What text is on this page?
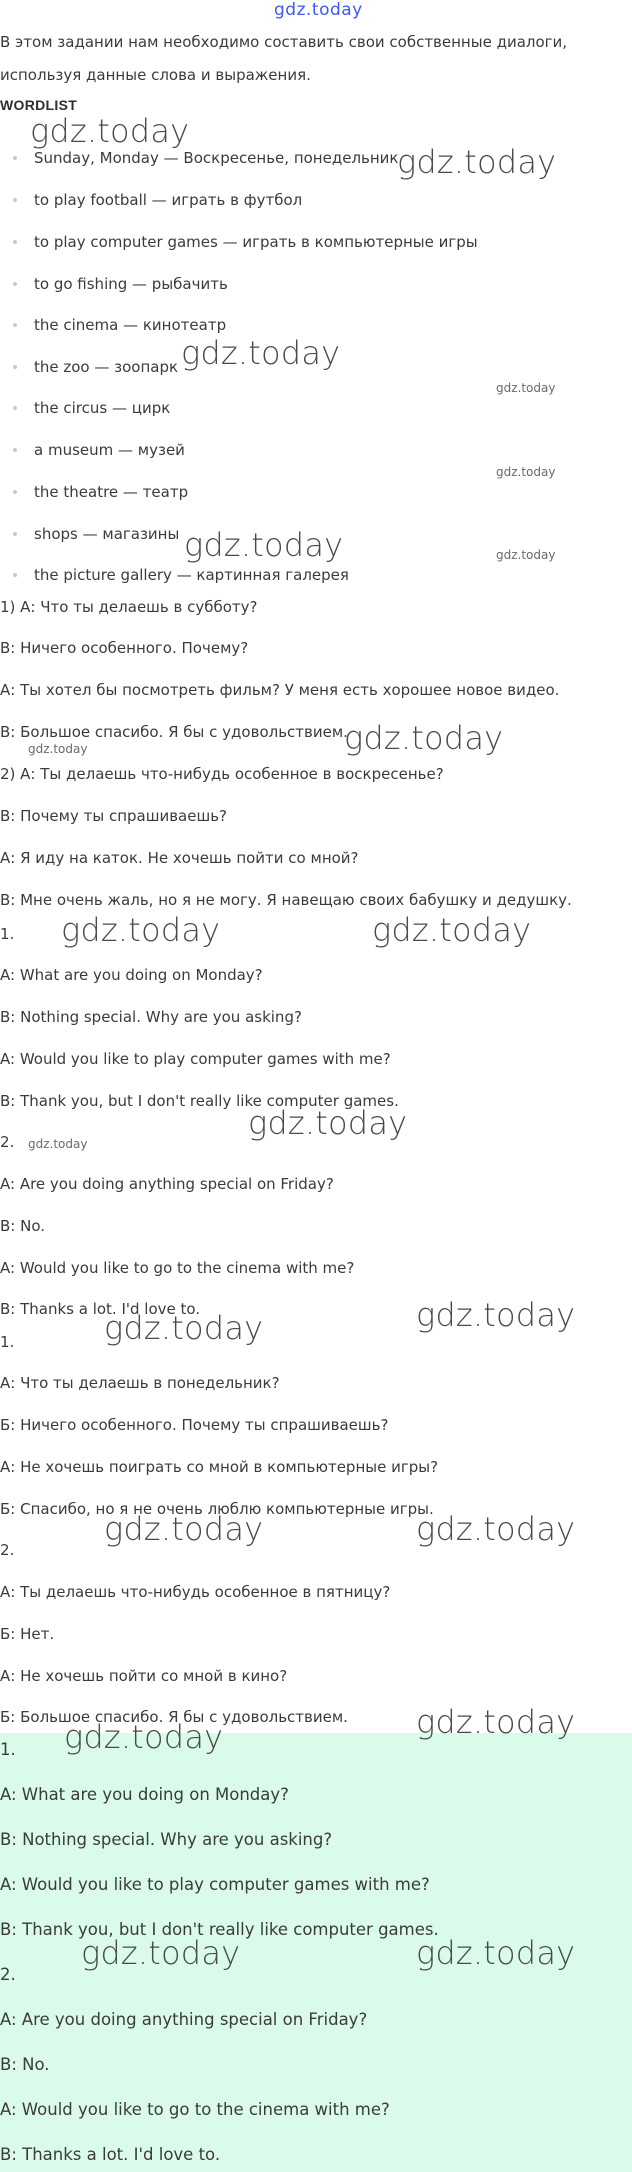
gdz.today
В этом задании нам необходимо составить свои собственные диалоги,
используя данные слова и выражения.
WORDLIST
Sunday, Monday — Воскресенье, понедельник
to play football — играть в футбол
to play computer games — играть в компьютерные игры
to go fishing — рыбачить
the cinema — кинотеатр
the zoo — зоопарк
the circus — цирк
a museum — музей
the theatre — театр
shops — магазины
the picture gallery — картинная галерея
1) А: Что ты делаешь в субботу?
В: Ничего особенного. Почему?
А: Ты хотел бы посмотреть фильм? У меня есть хорошее новое видео.
В: Большое спасибо. Я бы с удовольствием.
2) А: Ты делаешь что-нибудь особенное в воскресенье?
В: Почему ты спрашиваешь?
А: Я иду на каток. Не хочешь пойти со мной?
В: Мне очень жаль, но я не могу. Я навещаю своих бабушку и дедушку.
1.
A: What are you doing on Monday?
B: Nothing special. Why are you asking?
A: Would you like to play computer games with me?
B: Thank you, but I don't really like computer games.
2.
A: Are you doing anything special on Friday?
B: No.
A: Would you like to go to the cinema with me?
B: Thanks a lot. I'd love to.
1.
А: Что ты делаешь в понедельник?
Б: Ничего особенного. Почему ты спрашиваешь?
А: Не хочешь поиграть со мной в компьютерные игры?
Б: Спасибо, но я не очень люблю компьютерные игры.
2.
А: Ты делаешь что-нибудь особенное в пятницу?
Б: Нет.
А: Не хочешь пойти со мной в кино?
Б: Большое спасибо. Я бы с удовольствием.
1.
A: What are you doing on Monday?
B: Nothing special. Why are you asking?
A: Would you like to play computer games with me?
B: Thank you, but I don't really like computer games.
2.
A: Are you doing anything special on Friday?
B: No.
A: Would you like to go to the cinema with me?
B: Thanks a lot. I'd love to.
gdz.today
gdz.today
gdz.today
gdz.today
gdz.today
gdz.today	gdz.today
gdz.today
gdz.today
gdz.today	gdz.today
gdz.today
gdz.today
gdz.today
gdz.today
gdz.today	gdz.today
gdz.today
gdz.today
gdz.today	gdz.today
